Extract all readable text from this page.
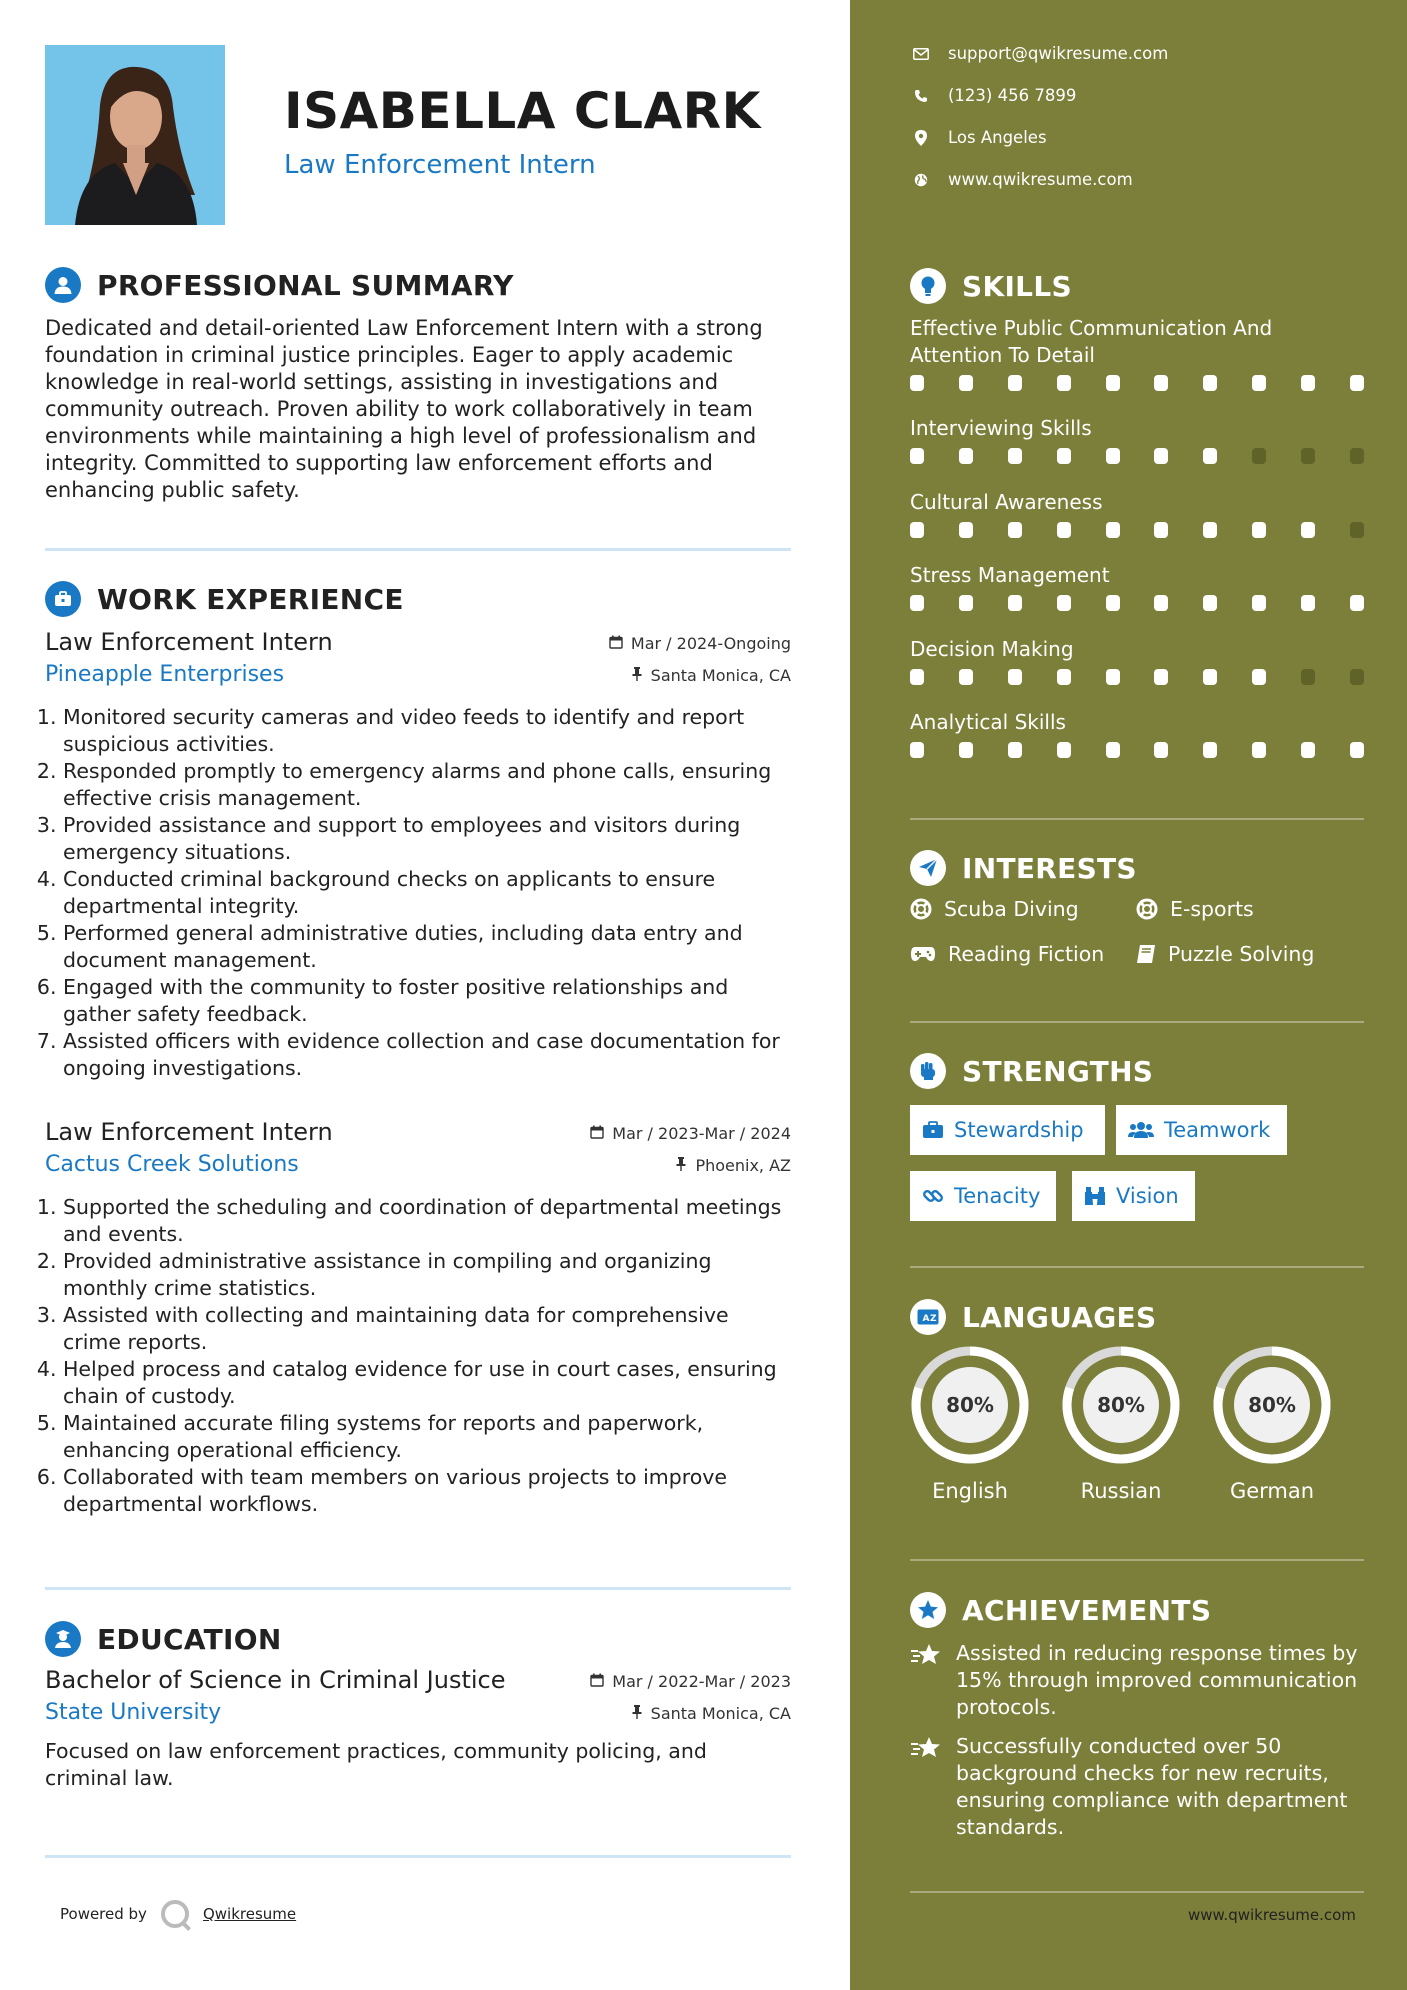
ISABELLA CLARK
Law Enforcement Intern
PROFESSIONAL SUMMARY

Dedicated and detail-oriented Law Enforcement Intern with a strong foundation in criminal justice principles. Eager to apply academic knowledge in real-world settings, assisting in investigations and community outreach. Proven ability to work collaboratively in team environments while maintaining a high level of professionalism and integrity. Committed to supporting law enforcement efforts and enhancing public safety.

WORK EXPERIENCE
Law Enforcement Intern	Mar / 2024-Ongoing
Pineapple Enterprises	Santa Monica, CA
1. Monitored security cameras and video feeds to identify and report suspicious activities.
2. Responded promptly to emergency alarms and phone calls, ensuring effective crisis management.
3. Provided assistance and support to employees and visitors during emergency situations.
4. Conducted criminal background checks on applicants to ensure departmental integrity.
5. Performed general administrative duties, including data entry and document management.
6. Engaged with the community to foster positive relationships and gather safety feedback.
7. Assisted officers with evidence collection and case documentation for ongoing investigations.
Law Enforcement Intern	Mar / 2023-Mar / 2024
Cactus Creek Solutions	Phoenix, AZ
1. Supported the scheduling and coordination of departmental meetings and events.
2. Provided administrative assistance in compiling and organizing monthly crime statistics.
3. Assisted with collecting and maintaining data for comprehensive crime reports.
4. Helped process and catalog evidence for use in court cases, ensuring chain of custody.
5. Maintained accurate filing systems for reports and paperwork, enhancing operational efficiency.
6. Collaborated with team members on various projects to improve departmental workflows.
EDUCATION
Bachelor of Science in Criminal Justice	Mar / 2022-Mar / 2023
State University	Santa Monica, CA

Focused on law enforcement practices, community policing, and criminal law.

Powered by	Qwikresume
support@qwikresume.com
(123) 456 7899
Los Angeles
www.qwikresume.com
SKILLS
Effective Public Communication And Attention To Detail
Interviewing Skills
Cultural Awareness
Stress Management
Decision Making
Analytical Skills
INTERESTS
Scuba Diving	E-sports
Reading Fiction	Puzzle Solving
STRENGTHS
Stewardship	Teamwork
Tenacity	Vision
A Z LANGUAGES
80%
English
80%
Russian
80%
German
ACHIEVEMENTS
Assisted in reducing response times by 15% through improved communication protocols.
Successfully conducted over 50 background checks for new recruits, ensuring compliance with department standards.
www.qwikresume.com
